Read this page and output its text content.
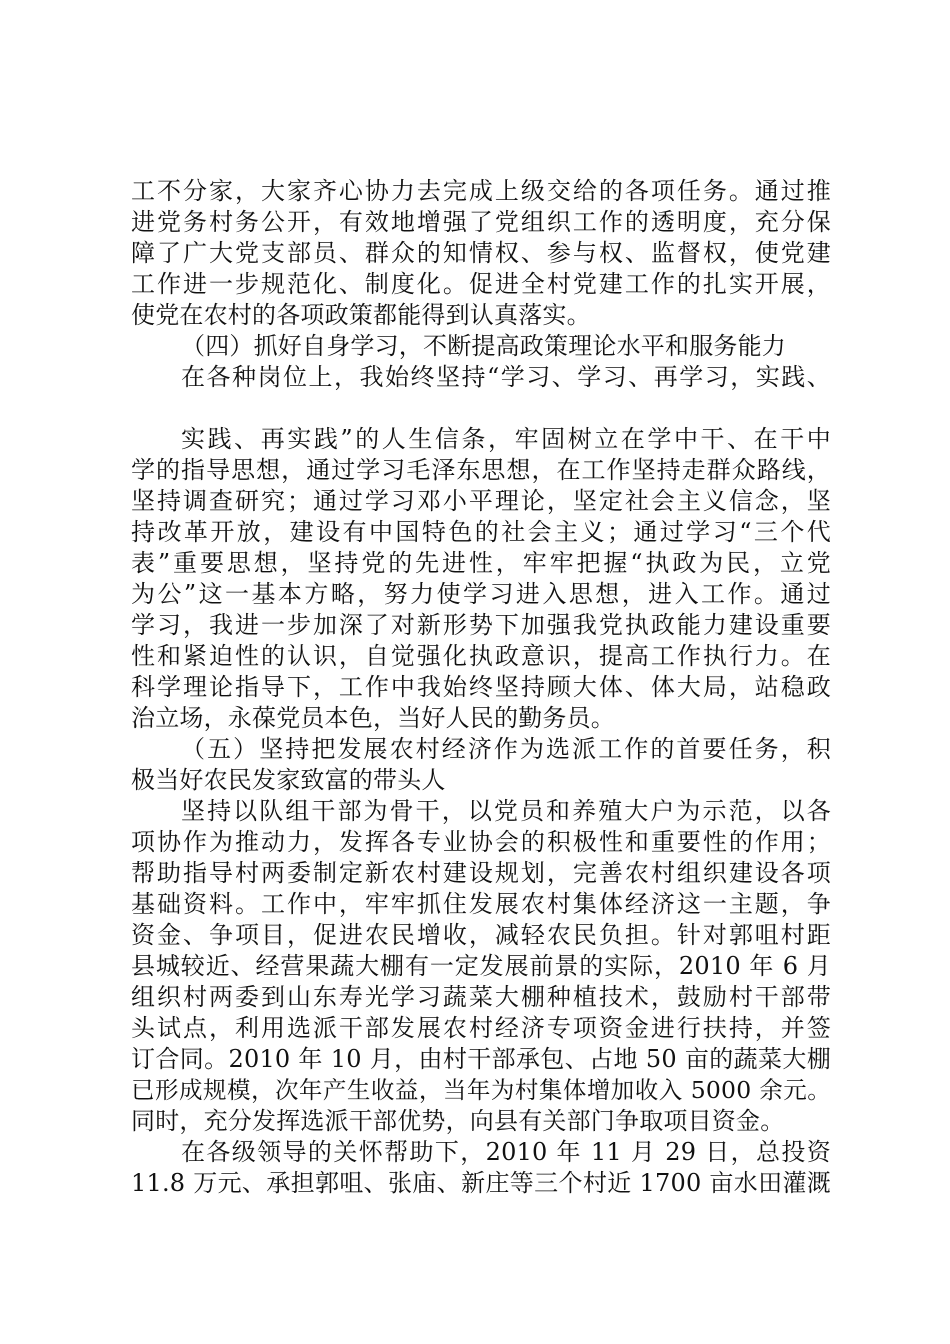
工不分家，大家齐心协力去完成上级交给的各项任务。通过推
进党务村务公开，有效地增强了党组织工作的透明度，充分保
障了广大党支部员、群众的知情权、参与权、监督权，使党建
工作进一步规范化、制度化。促进全村党建工作的扎实开展，
使党在农村的各项政策都能得到认真落实。
（四）抓好自身学习，不断提高政策理论水平和服务能力
在各种岗位上，我始终坚持“学习、学习、再学习，实践、
实践、再实践”的人生信条，牢固树立在学中干、在干中
学的指导思想，通过学习毛泽东思想，在工作坚持走群众路线，
坚持调查研究；通过学习邓小平理论，坚定社会主义信念，坚
持改革开放，建设有中国特色的社会主义；通过学习“三个代
表”重要思想，坚持党的先进性，牢牢把握“执政为民，立党
为公”这一基本方略，努力使学习进入思想，进入工作。通过
学习，我进一步加深了对新形势下加强我党执政能力建设重要
性和紧迫性的认识，自觉强化执政意识，提高工作执行力。在
科学理论指导下，工作中我始终坚持顾大体、体大局，站稳政
治立场，永葆党员本色，当好人民的勤务员。
（五）坚持把发展农村经济作为选派工作的首要任务，积
极当好农民发家致富的带头人
坚持以队组干部为骨干，以党员和养殖大户为示范，以各
项协作为推动力，发挥各专业协会的积极性和重要性的作用；
帮助指导村两委制定新农村建设规划，完善农村组织建设各项
基础资料。工作中，牢牢抓住发展农村集体经济这一主题，争
资金、争项目，促进农民增收，减轻农民负担。针对郭咀村距
县城较近、经营果蔬大棚有一定发展前景的实际，2010 年 6 月
组织村两委到山东寿光学习蔬菜大棚种植技术，鼓励村干部带
头试点，利用选派干部发展农村经济专项资金进行扶持，并签
订合同。2010 年 10 月，由村干部承包、占地 50 亩的蔬菜大棚
已形成规模，次年产生收益，当年为村集体增加收入 5000 余元。
同时，充分发挥选派干部优势，向县有关部门争取项目资金。
在各级领导的关怀帮助下，2010 年 11 月 29 日，总投资
11.8 万元、承担郭咀、张庙、新庄等三个村近 1700 亩水田灌溉
